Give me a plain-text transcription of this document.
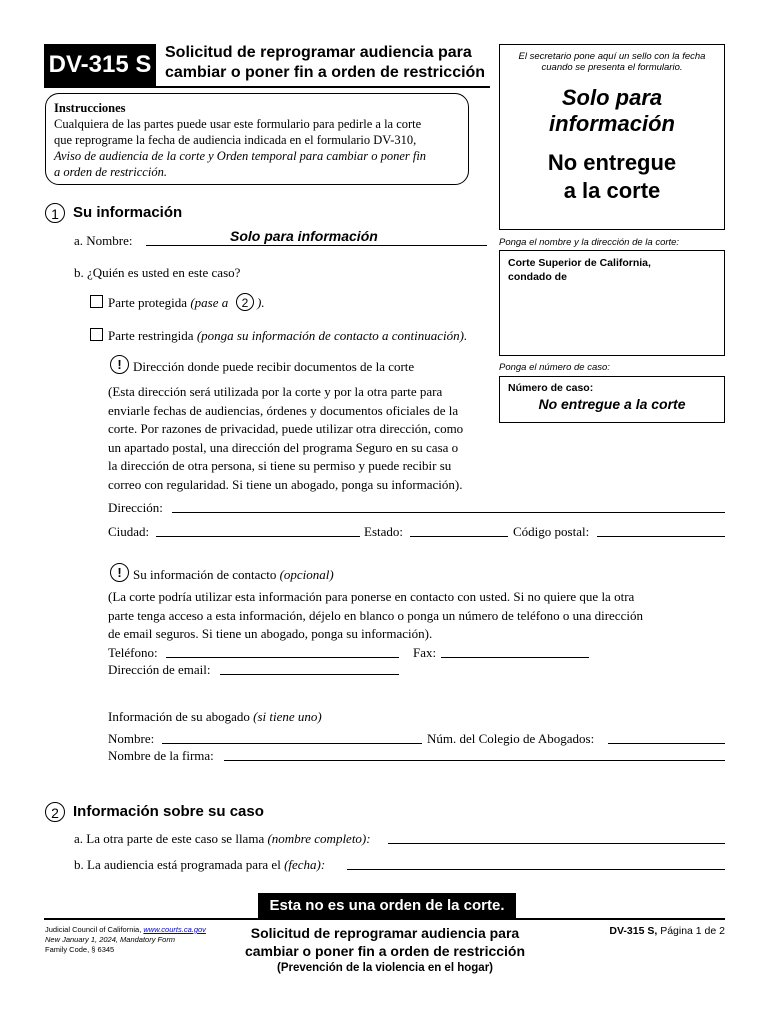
DV-315 S Solicitud de reprogramar audiencia para
cambiar o poner fin a orden de restricción
Instrucciones
Cualquiera de las partes puede usar este formulario para pedirle a la corte
que reprograme la fecha de audiencia indicada en el formulario DV-310,
Aviso de audiencia de la corte y Orden temporal para cambiar o poner fin
a orden de restricción.
El secretario pone aquí un sello con la fecha
cuando se presenta el formulario.
Solo para
información
No entregue
a la corte
Ponga el nombre y la dirección de la corte:
Corte Superior de California,
condado de
Ponga el número de caso:
Número de caso:
No entregue a la corte
1 Su información
a. Nombre:	Solo para información
b. ¿Quién es usted en este caso?
Parte protegida (pase a	2 ).
Parte restringida (ponga su información de contacto a continuación).
! Dirección donde puede recibir documentos de la corte
(Esta dirección será utilizada por la corte y por la otra parte para
enviarle fechas de audiencias, órdenes y documentos oficiales de la
corte. Por razones de privacidad, puede utilizar otra dirección, como
un apartado postal, una dirección del programa Seguro en su casa o
la dirección de otra persona, si tiene su permiso y puede recibir su
correo con regularidad. Si tiene un abogado, ponga su información).
Dirección:
Ciudad:	Estado:	Código postal:
! Su información de contacto (opcional)
(La corte podría utilizar esta información para ponerse en contacto con usted. Si no quiere que la otra
parte tenga acceso a esta información, déjelo en blanco o ponga un número de teléfono o una dirección
de email seguros. Si tiene un abogado, ponga su información).
Teléfono:	Fax:
Dirección de email:
Información de su abogado (si tiene uno)
Nombre:	Núm. del Colegio de Abogados:
Nombre de la firma:
2 Información sobre su caso
a. La otra parte de este caso se llama (nombre completo):
b. La audiencia está programada para el (fecha):
Esta no es una orden de la corte.
Judicial Council of California, www.courts.ca.gov
New January 1, 2024, Mandatory Form
Family Code, § 6345
Solicitud de reprogramar audiencia para
cambiar o poner fin a orden de restricción
(Prevención de la violencia en el hogar)
DV-315 S, Página 1 de 2
